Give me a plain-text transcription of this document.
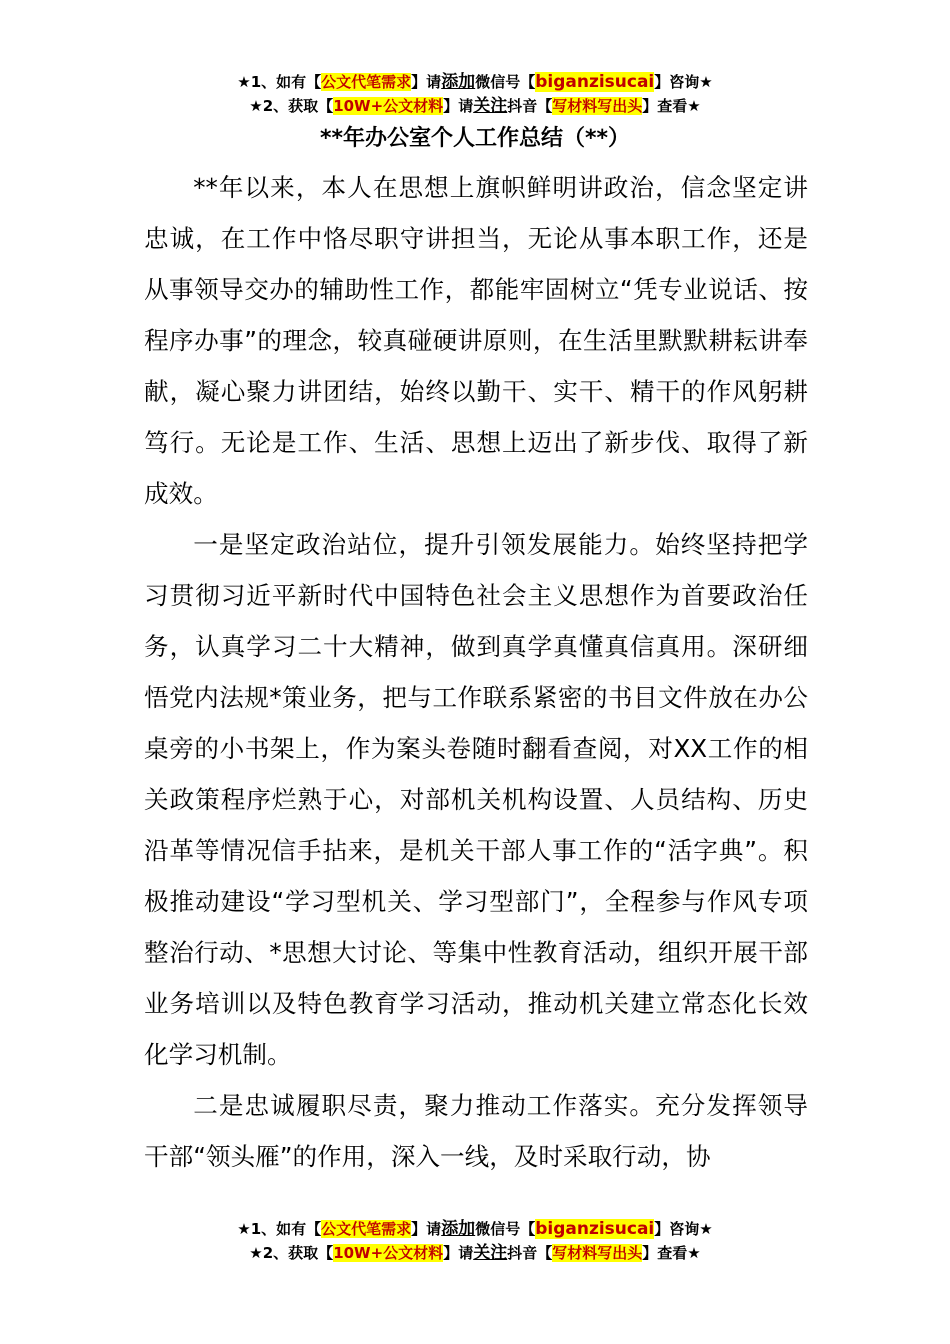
★1、如有【公文代笔需求】请添加微信号【biganzisucai】咨询★
★2、获取【10W+公文材料】请关注抖音【写材料写出头】查看★
**年办公室个人工作总结（**）

**年以来，本人在思想上旗帜鲜明讲政治，信念坚定讲忠诚，在工作中恪尽职守讲担当，无论从事本职工作，还是从事领导交办的辅助性工作，都能牢固树立“凭专业说话、按程序办事”的理念，较真碰硬讲原则，在生活里默默耕耘讲奉献，凝心聚力讲团结，始终以勤干、实干、精干的作风躬耕笃行。无论是工作、生活、思想上迈出了新步伐、取得了新成效。

一是坚定政治站位，提升引领发展能力。始终坚持把学习贯彻习近平新时代中国特色社会主义思想作为首要政治任务，认真学习二十大精神，做到真学真懂真信真用。深研细悟党内法规*策业务，把与工作联系紧密的书目文件放在办公桌旁的小书架上，作为案头卷随时翻看查阅，对XX工作的相关政策程序烂熟于心，对部机关机构设置、人员结构、历史沿革等情况信手拈来，是机关干部人事工作的“活字典”。积极推动建设“学习型机关、学习型部门”，全程参与作风专项整治行动、*思想大讨论、等集中性教育活动，组织开展干部业务培训以及特色教育学习活动，推动机关建立常态化长效化学习机制。

二是忠诚履职尽责，聚力推动工作落实。充分发挥领导干部“领头雁”的作用，深入一线，及时采取行动，协

★1、如有【公文代笔需求】请添加微信号【biganzisucai】咨询★
★2、获取【10W+公文材料】请关注抖音【写材料写出头】查看★
